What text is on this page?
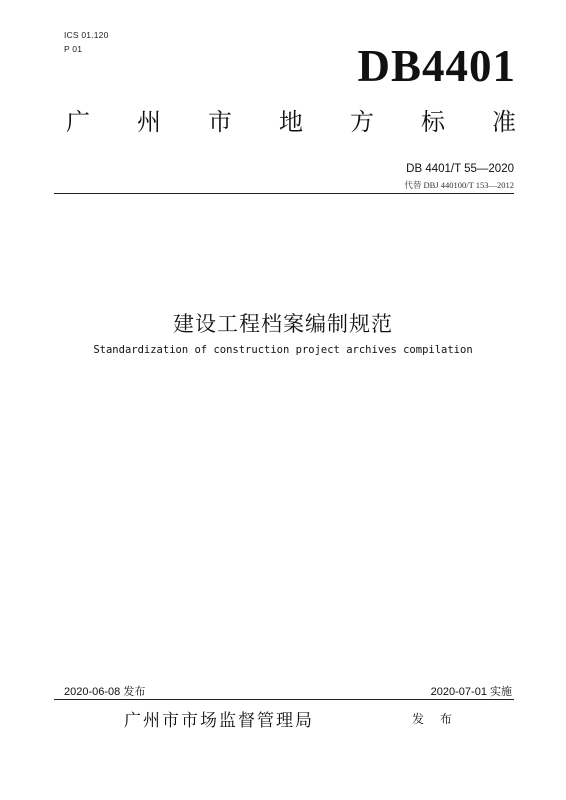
ICS 01.120
P 01	DB4401
广 州 市 地 方 标 准
DB 4401/T 55—2020
代替 DBJ 440100/T 153—2012
建设工程档案编制规范
Standardization of construction project archives compilation
2020-06-08 发布	2020-07-01 实施
广州市市场监督管理局	发 布
